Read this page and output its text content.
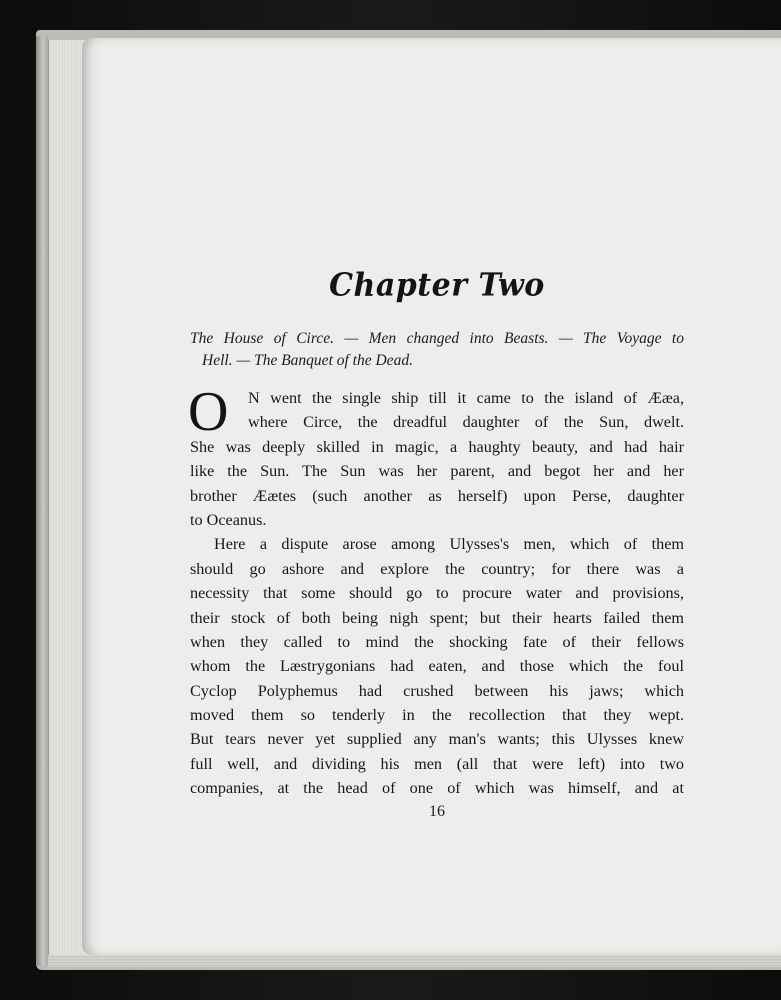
Chapter Two
The House of Circe. — Men changed into Beasts. — The Voyage to
Hell. — The Banquet of the Dead.
O	N went the single ship till it came to the island of Ææa,
where Circe, the dreadful daughter of the Sun, dwelt.
She was deeply skilled in magic, a haughty beauty, and had hair
like the Sun. The Sun was her parent, and begot her and her
brother Æætes (such another as herself) upon Perse, daughter
to Oceanus.
Here a dispute arose among Ulysses's men, which of them
should go ashore and explore the country; for there was a
necessity that some should go to procure water and provisions,
their stock of both being nigh spent; but their hearts failed them
when they called to mind the shocking fate of their fellows
whom the Læstrygonians had eaten, and those which the foul
Cyclop Polyphemus had crushed between his jaws; which
moved them so tenderly in the recollection that they wept.
But tears never yet supplied any man's wants; this Ulysses knew
full well, and dividing his men (all that were left) into two
companies, at the head of one of which was himself, and at
16
